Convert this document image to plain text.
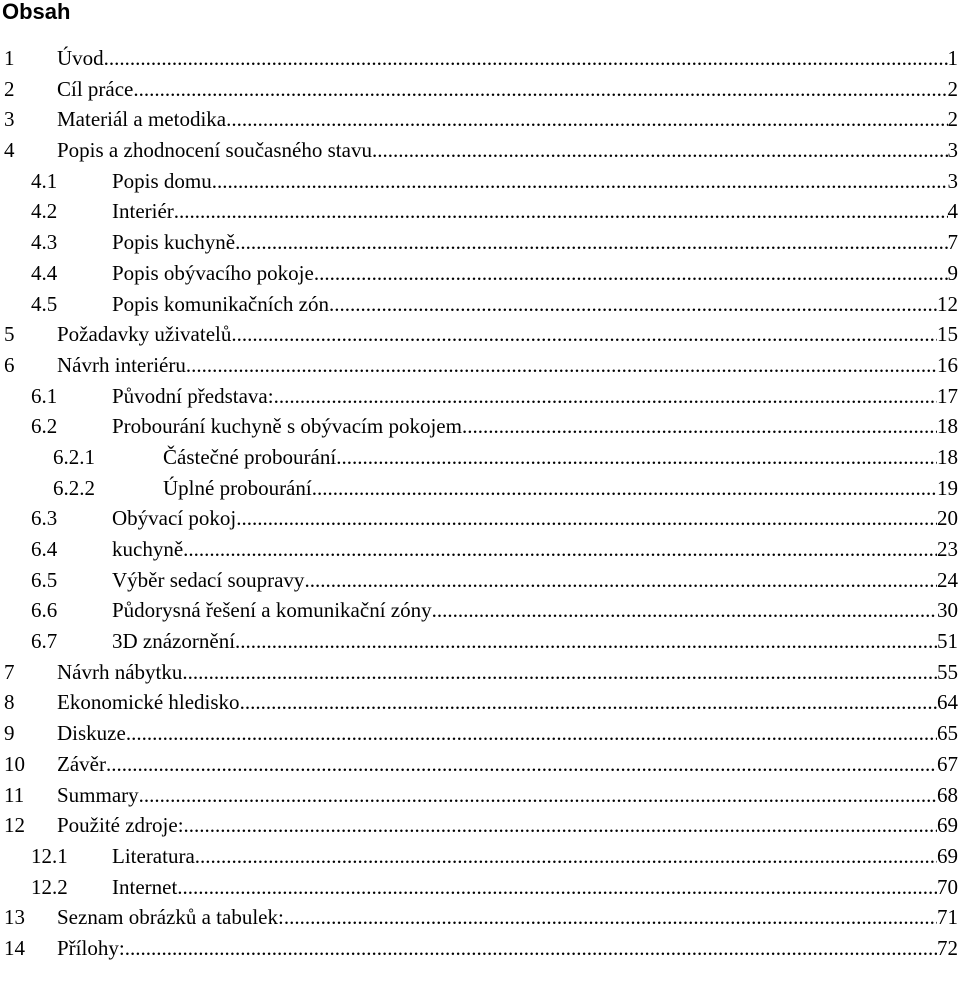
Obsah
1 Úvod .....	1
2 Cíl práce .....	2
3 Materiál a metodika .....	2
4 Popis a zhodnocení současného stavu. .....	3
4.1	Popis domu. .....	3
4.2	Interiér .....	4
4.3	Popis kuchyně .....	7
4.4	Popis obývacího pokoje .....	9
4.5	Popis komunikačních zón .....	12
5 Požadavky uživatelů .....	15
6 Návrh interiéru .....	16
6.1	Původní představa: .....	17
6.2	Probourání kuchyně s obývacím pokojem .....	18
6.2.1	Částečné probourání .....	18
6.2.2	Úplné probourání .....	19
6.3	Obývací pokoj .....	20
6.4	kuchyně .....	23
6.5	Výběr sedací soupravy .....	24
6.6	Půdorysná řešení a komunikační zóny .....	30
6.7	3D znázornění .....	51
7 Návrh nábytku .....	55
8 Ekonomické hledisko .....	64
9 Diskuze .....	65
10 Závěr .....	67
11 Summary .....	68
12 Použité zdroje: .....	69
12.1 Literatura .....	69
12.2 Internet .....	70
13 Seznam obrázků a tabulek: .....	71
14 Přílohy: .....	72
